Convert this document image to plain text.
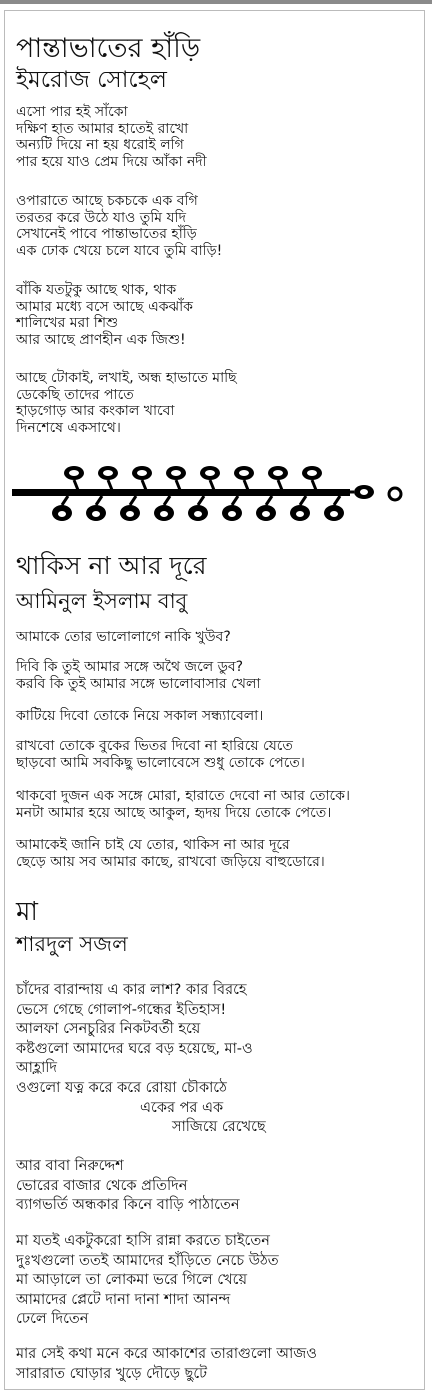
পান্তাভাতের হাঁড়ি
ইমরোজ সোহেল
এসো পার হই সাঁকো
দক্ষিণ হাত আমার হাতেই রাখো
অন্যটি দিয়ে না হয় ধরোই লগি
পার হয়ে যাও প্রেম দিয়ে আঁকা নদী
ওপারাতে আছে চকচকে এক বগি
তরতর করে উঠে যাও তুমি যদি
সেখানেই পাবে পান্তাভাতের হাঁড়ি
এক ঢোক খেয়ে চলে যাবে তুমি বাড়ি!
বাঁকি যতটুকু আছে থাক, থাক
আমার মধ্যে বসে আছে একঝাঁক
শালিখের মরা শিশু
আর আছে প্রাণহীন এক জিশু!
আছে টোকাই, লখাই, অন্ধ হাভাতে মাছি
ডেকেছি তাদের পাতে
হাড়গোড় আর কংকাল খাবো
দিনশেষে একসাথে।
থাকিস না আর দূরে
আমিনুল ইসলাম বাবু
আমাকে তোর ভালোলাগে নাকি খুউব?
দিবি কি তুই আমার সঙ্গে অথৈ জলে ডুব?
করবি কি তুই আমার সঙ্গে ভালোবাসার খেলা
কাটিয়ে দিবো তোকে নিয়ে সকাল সন্ধ্যাবেলা।
রাখবো তোকে বুকের ভিতর দিবো না হারিয়ে যেতে
ছাড়বো আমি সবকিছু ভালোবেসে শুধু তোকে পেতে।
থাকবো দুজন এক সঙ্গে মোরা, হারাতে দেবো না আর তোকে।
মনটা আমার হয়ে আছে আকুল, হৃদয় দিয়ে তোকে পেতে।
আমাকেই জানি চাই যে তোর, থাকিস না আর দূরে
ছেড়ে আয় সব আমার কাছে, রাখবো জড়িয়ে বাহুডোরে।
মা
শারদুল সজল
চাঁদের বারান্দায় এ কার লাশ? কার বিরহে
ভেসে গেছে গোলাপ-গন্ধের ইতিহাস!
আলফা সেনচুরির নিকটবর্তী হয়ে
কষ্টগুলো আমাদের ঘরে বড় হয়েছে, মা-ও
আহ্লাদি
ওগুলো যত্ন করে করে রোয়া চৌকাঠে
একের পর এক
সাজিয়ে রেখেছে
আর বাবা নিরুদ্দেশ
ভোরের বাজার থেকে প্রতিদিন
ব্যাগভর্তি অন্ধকার কিনে বাড়ি পাঠাতেন
মা যতই একটুকরো হাসি রান্না করতে চাইতেন
দুঃখগুলো ততই আমাদের হাঁড়িতে নেচে উঠত
মা আড়ালে তা লোকমা ভরে গিলে খেয়ে
আমাদের প্লেটে দানা দানা শাদা আনন্দ
ঢেলে দিতেন
মার সেই কথা মনে করে আকাশের তারাগুলো আজও
সারারাত ঘোড়ার খুড়ে দৌড়ে ছুটে
